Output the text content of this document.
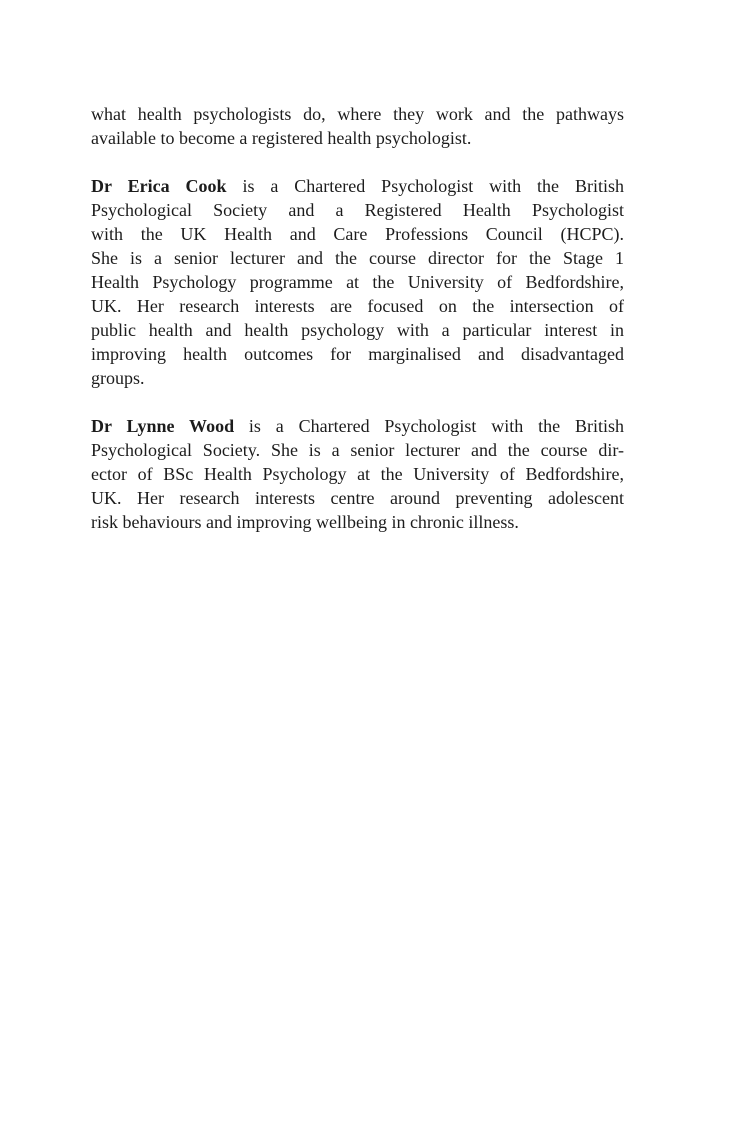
what health psychologists do, where they work and the pathways
available to become a registered health psychologist.

Dr Erica Cook is a Chartered Psychologist with the British
Psychological Society and a Registered Health Psychologist
with the UK Health and Care Professions Council (HCPC).
She is a senior lecturer and the course director for the Stage 1
Health Psychology programme at the University of Bedfordshire,
UK. Her research interests are focused on the intersection of
public health and health psychology with a particular interest in
improving health outcomes for marginalised and disadvantaged
groups.

Dr Lynne Wood is a Chartered Psychologist with the British
Psychological Society. She is a senior lecturer and the course dir-
ector of BSc Health Psychology at the University of Bedfordshire,
UK. Her research interests centre around preventing adolescent
risk behaviours and improving wellbeing in chronic illness.
